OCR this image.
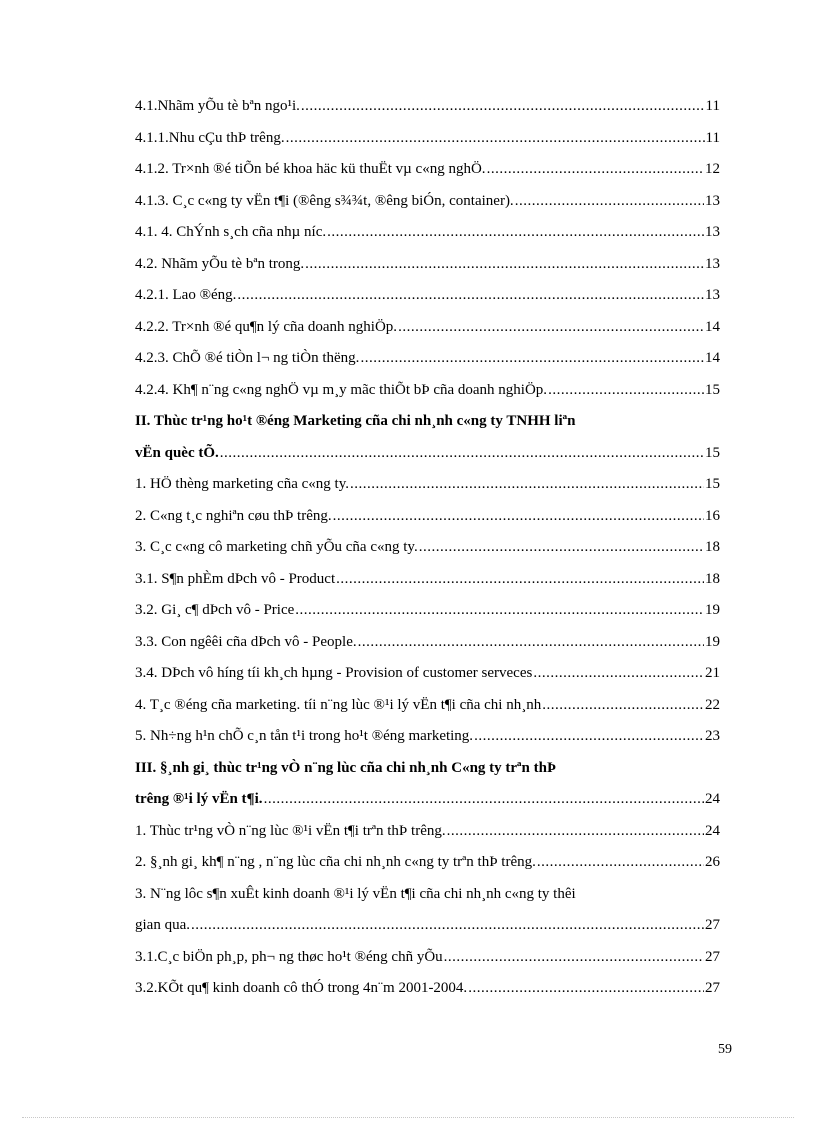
4.1.Nhãm yÕu tè bªn ngo¹i. .....	11
4.1.1.Nhu cÇu thÞ trêng. .....	11
4.1.2. Tr×nh ®é tiÕn bé khoa häc kü thuËt vµ c«ng nghÖ. .....	12
4.1.3. C¸c c«ng ty vËn t¶i (®êng s¾¾t, ®êng biÓn, container). .....	13
4.1. 4. ChÝnh s¸ch cña nhµ níc. .....	13
4.2. Nhãm yÕu tè bªn trong. .....	13
4.2.1. Lao ®éng. .....	13
4.2.2. Tr×nh ®é qu¶n lý cña doanh nghiÖp. .....	14
4.2.3. ChÕ ®é tiÒn l¬ ng tiÒn thëng. .....	14
4.2.4. Kh¶ n¨ng c«ng nghÖ vµ m¸y mãc thiÕt bÞ cña doanh nghiÖp. .....	15
II. Thùc tr¹ng ho¹t ®éng Marketing cña chi nh¸nh c«ng ty TNHH liªn
vËn quèc tÕ. .....	15
1. HÖ thèng marketing cña c«ng ty. .....	15
2. C«ng t¸c nghiªn cøu thÞ trêng. .....	16
3. C¸c c«ng cô marketing chñ yÕu cña c«ng ty. .....	18
3.1. S¶n phÈm dÞch vô - Product .....	18
3.2. Gi¸ c¶ dÞch vô - Price .....	19
3.3. Con ngêêi cña dÞch vô - People. .....	19
3.4. DÞch vô híng tíi kh¸ch hµng - Provision of customer serveces .....	21
4. T¸c ®éng cña marketing. tíi n¨ng lùc ®¹i lý vËn t¶i cña chi nh¸nh .....	22
5. Nh÷ng h¹n chÕ c¸n tån t¹i trong ho¹t ®éng marketing. .....	23
III. §¸nh gi¸ thùc tr¹ng vÒ n¨ng lùc cña chi nh¸nh C«ng ty trªn thÞ
trêng ®¹i lý vËn t¶i. .....	24
1. Thùc tr¹ng vÒ n¨ng lùc ®¹i vËn t¶i trªn thÞ trêng. .....	24
2. §¸nh gi¸ kh¶ n¨ng , n¨ng lùc cña chi nh¸nh c«ng ty trªn thÞ trêng. .....	26
3. N¨ng lôc s¶n xuÊt kinh doanh ®¹i lý vËn t¶i cña chi nh¸nh c«ng ty thêi
gian qua. .....	27
3.1.C¸c biÖn ph¸p, ph¬ ng thøc ho¹t ®éng chñ yÕu .....	27
3.2.KÕt qu¶ kinh doanh cô thÓ trong 4n¨m 2001-2004. .....	27
59
